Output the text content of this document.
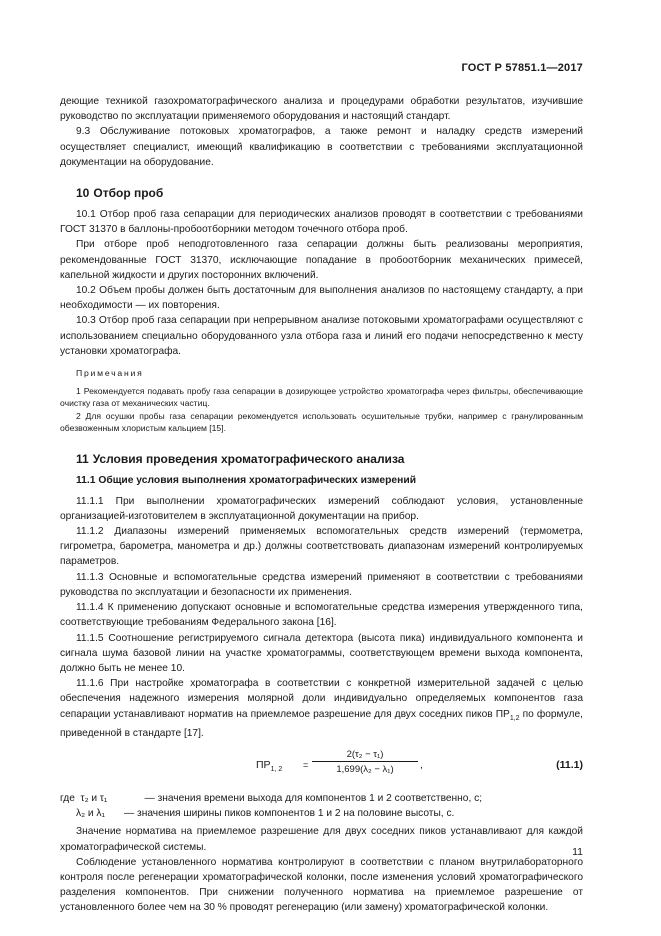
ГОСТ Р 57851.1—2017

деющие техникой газохроматографического анализа и процедурами обработки результатов, изучившие руководство по эксплуатации применяемого оборудования и настоящий стандарт.

9.3 Обслуживание потоковых хроматографов, а также ремонт и наладку средств измерений осуществляет специалист, имеющий квалификацию в соответствии с требованиями эксплуатационной документации на оборудование.

10 Отбор проб

10.1 Отбор проб газа сепарации для периодических анализов проводят в соответствии с требованиями ГОСТ 31370 в баллоны-пробоотборники методом точечного отбора проб.

При отборе проб неподготовленного газа сепарации должны быть реализованы мероприятия, рекомендованные ГОСТ 31370, исключающие попадание в пробоотборник механических примесей, капельной жидкости и других посторонних включений.

10.2 Объем пробы должен быть достаточным для выполнения анализов по настоящему стандарту, а при необходимости — их повторения.

10.3 Отбор проб газа сепарации при непрерывном анализе потоковыми хроматографами осуществляют с использованием специально оборудованного узла отбора газа и линий его подачи непосредственно к месту установки хроматографа.

Примечания

1 Рекомендуется подавать пробу газа сепарации в дозирующее устройство хроматографа через фильтры, обеспечивающие очистку газа от механических частиц.

2 Для осушки пробы газа сепарации рекомендуется использовать осушительные трубки, например с гранулированным обезвоженным хлористым кальцием [15].

11 Условия проведения хроматографического анализа

11.1 Общие условия выполнения хроматографических измерений

11.1.1 При выполнении хроматографических измерений соблюдают условия, установленные организацией-изготовителем в эксплуатационной документации на прибор.

11.1.2 Диапазоны измерений применяемых вспомогательных средств измерений (термометра, гигрометра, барометра, манометра и др.) должны соответствовать диапазонам измерений контролируемых параметров.

11.1.3 Основные и вспомогательные средства измерений применяют в соответствии с требованиями руководства по эксплуатации и безопасности их применения.

11.1.4 К применению допускают основные и вспомогательные средства измерения утвержденного типа, соответствующие требованиям Федерального закона [16].

11.1.5 Соотношение регистрируемого сигнала детектора (высота пика) индивидуального компонента и сигнала шума базовой линии на участке хроматограммы, соответствующем времени выхода компонента, должно быть не менее 10.

11.1.6 При настройке хроматографа в соответствии с конкретной измерительной задачей с целью обеспечения надежного измерения молярной доли индивидуально определяемых компонентов газа сепарации устанавливают норматив на приемлемое разрешение для двух соседних пиков $ПР_{1,2}$ по формуле, приведенной в стандарте [17].

$ПР_{1, 2} = \frac{\text{2(τ₂ − τ₁)}}{\text{1,699(λ₂ − λ₁)}}$ ,	(11.1)

где τ₂ и τ₁	— значения времени выхода для компонентов 1 и 2 соответственно, с;

λ₂ и λ₁ — значения ширины пиков компонентов 1 и 2 на половине высоты, с.

Значение норматива на приемлемое разрешение для двух соседних пиков устанавливают для каждой хроматографической системы.

Соблюдение установленного норматива контролируют в соответствии с планом внутрилабораторного контроля после регенерации хроматографической колонки, после изменения условий хроматографического разделения компонентов. При снижении полученного норматива на приемлемое разрешение от установленного более чем на 30 % проводят регенерацию (или замену) хроматографической колонки.

11
